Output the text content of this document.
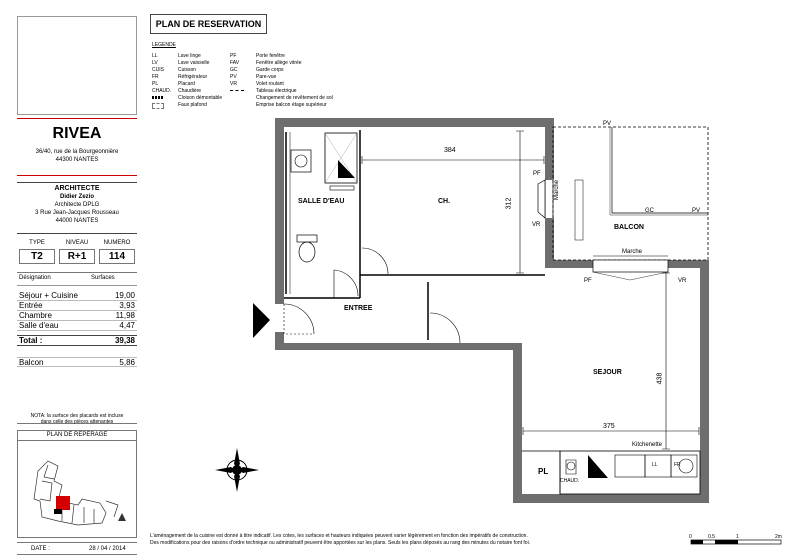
RIVEA
36/40, rue de la Bourgeonnière
44300 NANTES
ARCHITECTE
Didier Zezio
Architecte DPLG
3 Rue Jean-Jacques Rousseau
44000 NANTES
TYPE	NIVEAU	NUMERO
T2	R+1	114
Désignation	Surfaces
Séjour + Cuisine	19,00
Entrée	3,93
Chambre	11,98
Salle d'eau	4,47
Total :	39,38
Balcon	5,86
NOTA: la surface des placards est incluse
dans celle des pièces attenantes
PLAN DE REPERAGE
DATE :	28 / 04 / 2014
PLAN DE RESERVATION
LEGENDE
LL	Lave linge
LV	Lave vaisselle
CUIS	Cuisson
FR	Réfrigérateur
PL	Placard
CHAUD. Chaudière
Cloison démontable
Faux plafond
PF	Porte fenêtre
FAV	Fenêtre allège vitrée
GC	Garde corps
PV	Pare-vue
VR	Volet roulant
Tableau électrique
Changement de revêtement de sol
Emprise balcon étage supérieur
SALLE D'EAU	CH.
ENTREE
BALCON
SEJOUR
PL
CHAUD.
Kitchenette
LL	FR
384
312
375
438
PF
VR
PV
GC	PV
Marche
Marche
PF	VR
L'aménagement de la cuisine est donné à titre indicatif. Les cotes, les surfaces et hauteurs indiquées peuvent varier légèrement en fonction des impératifs de construction.
Des modifications pour des raisons d'ordre technique ou administratif peuvent être apportées sur les plans. Seuls les plans déposés au rang des minutes du notaire font foi.
0	0.5	1	2m
